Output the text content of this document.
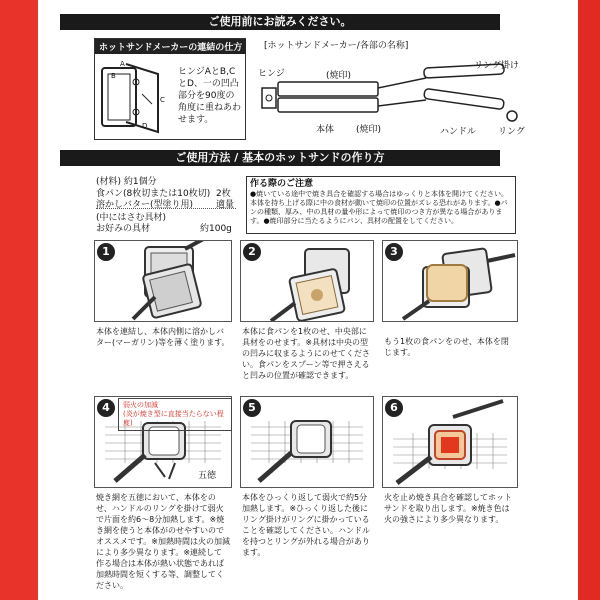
ご使用前にお読みください。
ホットサンドメーカーの連結の仕方
A
B
C
D
ヒンジAとB,C
とD、一の凹凸
部分を90度の
角度に重ねあわ
せます。
[ホットサンドメーカー/各部の名称]
ヒンジ	(焼印)
本体 (焼印)
リング掛け
ハンドル リング
ご使用方法 / 基本のホットサンドの作り方
(材料) 約1個分
食パン(8枚切または10枚切) 2枚
溶かしバター(型塗り用)	適量
(中にはさむ具材)
お好みの具材	約100g
作る際のご注意
●焼いている途中で焼き具合を確認する場合はゆっくりと本体を開けてください。本体を持ち上げる際に中の食材が動いて焼印の位置がズレる恐れがあります。●パンの種類、厚み、中の具材の量や形によって焼印のつき方が異なる場合があります。●焼印部分に当たるようにパン、具材の配置をしてください。
1
本体を連結し、本体内側に溶かしバター(マーガリン)等を薄く塗ります。
2
本体に食パンを1枚のせ、中央部に具材をのせます。※具材は中央の型の凹みに収まるようにのせてください。食パンをスプーン等で押さえると凹みの位置が確認できます。
3
もう1枚の食パンをのせ、本体を閉じます。
4	弱火の加減
(炎が焼き型に直接当たらない程度)
五徳
焼き網を五徳において、本体をのせ、ハンドルのリングを掛けて弱火で片面を約6〜8分加熱します。※焼き網を使うと本体がのせやすいのでオススメです。※加熱時間は火の加減により多少異なります。※連続して作る場合は本体が熱い状態であれば加熱時間を短くする等、調整してください。
5
本体をひっくり返して弱火で約5分加熱します。※ひっくり返した後にリング掛けがリングに掛かっていることを確認してください。ハンドルを持つとリングが外れる場合があります。
6
火を止め焼き具合を確認してホットサンドを取り出します。※焼き色は火の強さにより多少異なります。
